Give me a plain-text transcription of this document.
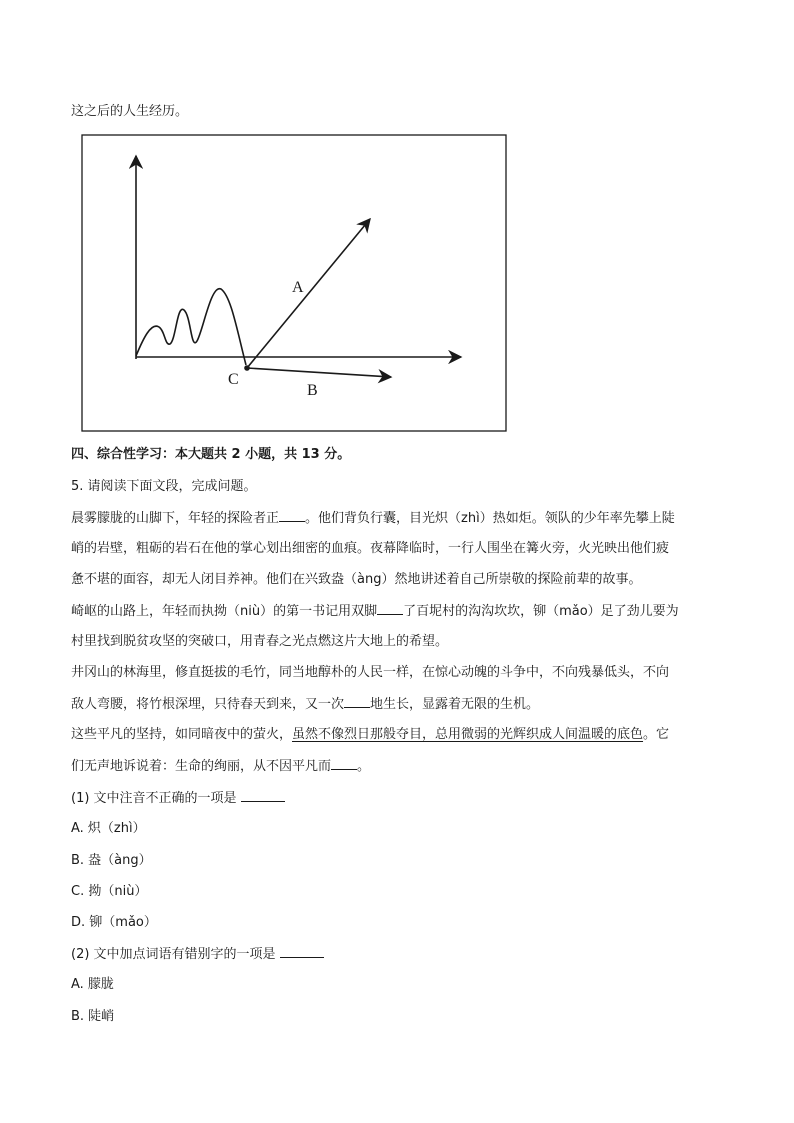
这之后的人生经历。
A
B
C
四、综合性学习：本大题共 2 小题，共 13 分。
5. 请阅读下面文段，完成问题。
晨雾朦胧的山脚下，年轻的探险者正 。他们背负行囊，目光炽（zhì）热如炬。领队的少年率先攀上陡
峭的岩壁，粗砺的岩石在他的掌心划出细密的血痕。夜幕降临时，一行人围坐在篝火旁，火光映出他们疲
惫不堪的面容，却无人闭目养神。他们在兴致盎（àng）然地讲述着自己所崇敬的探险前辈的故事。
崎岖的山路上，年轻而执拗（niù）的第一书记用双脚 了百坭村的沟沟坎坎，铆（mǎo）足了劲儿要为
村里找到脱贫攻坚的突破口，用青春之光点燃这片大地上的希望。
井冈山的林海里，修直挺拔的毛竹，同当地醇朴的人民一样，在惊心动魄的斗争中，不向残暴低头，不向
敌人弯腰，将竹根深埋，只待春天到来，又一次 地生长，显露着无限的生机。
这些平凡的坚持，如同暗夜中的萤火，虽然不像烈日那般夺目，总用微弱的光辉织成人间温暖的底色。它
们无声地诉说着：生命的绚丽，从不因平凡而 。
(1) 文中注音不正确的一项是
A. 炽（zhì）
B. 盎（àng）
C. 拗（niù）
D. 铆（mǎo）
(2) 文中加点词语有错别字的一项是
A. 朦胧
B. 陡峭
